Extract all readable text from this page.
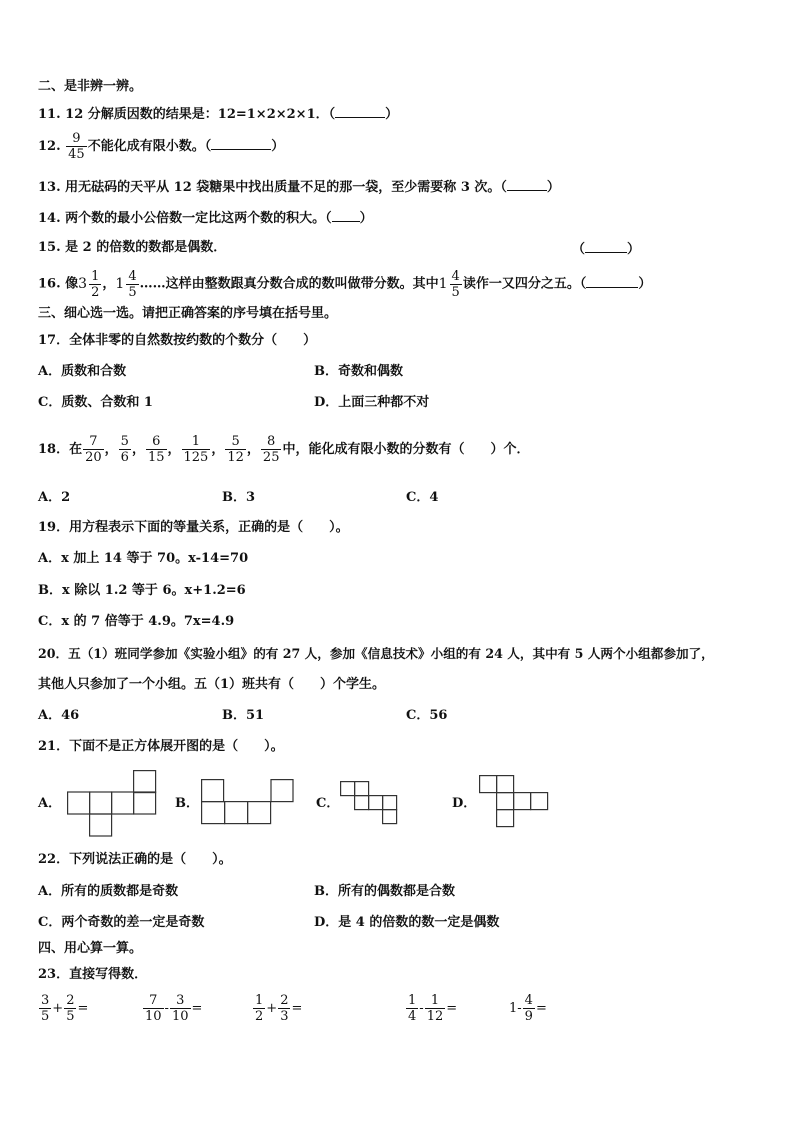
二、是非辨一辨。
11. 12 分解质因数的结果是：12=1×2×2×1．（	）
12. $\frac{9}{45}$ 不能化成有限小数。（	）
13. 用无砝码的天平从 12 袋糖果中找出质量不足的那一袋，至少需要称 3 次。（	）
14. 两个数的最小公倍数一定比这两个数的积大。（ ）
15. 是 2 的倍数的数都是偶数．	（	）
16. 像 3 1
2
， 1 4
5
……这样由整数跟真分数合成的数叫做带分数。其中 1 4
5
读作一又四分之五。（	）
三、细心选一选。请把正确答案的序号填在括号里。
17．全体非零的自然数按约数的个数分（　　）
A．质数和合数	B．奇数和偶数
C．质数、合数和 1	D．上面三种都不对
18．在 $\frac{7}{20}$ ， $\frac{5}{6}$ ， $\frac{6}{15}$ ， $\frac{1}{125}$ ， $\frac{5}{12}$ ， $\frac{8}{25}$ 中，能化成有限小数的分数有（　　）个．
A．2	B．3	C．4
19．用方程表示下面的等量关系，正确的是（　　）。
A．x 加上 14 等于 70。x-14=70
B．x 除以 1.2 等于 6。x+1.2=6
C．x 的 7 倍等于 4.9。7x=4.9
20．五（1）班同学参加《实验小组》的有 27 人，参加《信息技术》小组的有 24 人，其中有 5 人两个小组都参加了，
其他人只参加了一个小组。五（1）班共有（　　）个学生。
A．46	B．51	C．56
21．下面不是正方体展开图的是（　　）。
A．	B．	C．	D．
22．下列说法正确的是（　　）。
A．所有的质数都是奇数	B．所有的偶数都是合数
C．两个奇数的差一定是奇数	D．是 4 的倍数的数一定是偶数
四、用心算一算。
23．直接写得数．
3
5
+ $\frac{2}{5}$ =
7
10
- $\frac{3}{10}$ =
1
2
+ $\frac{2}{3}$ =
1
4
- $\frac{1}{12}$ =	$1- \frac{4}{9}$ =
